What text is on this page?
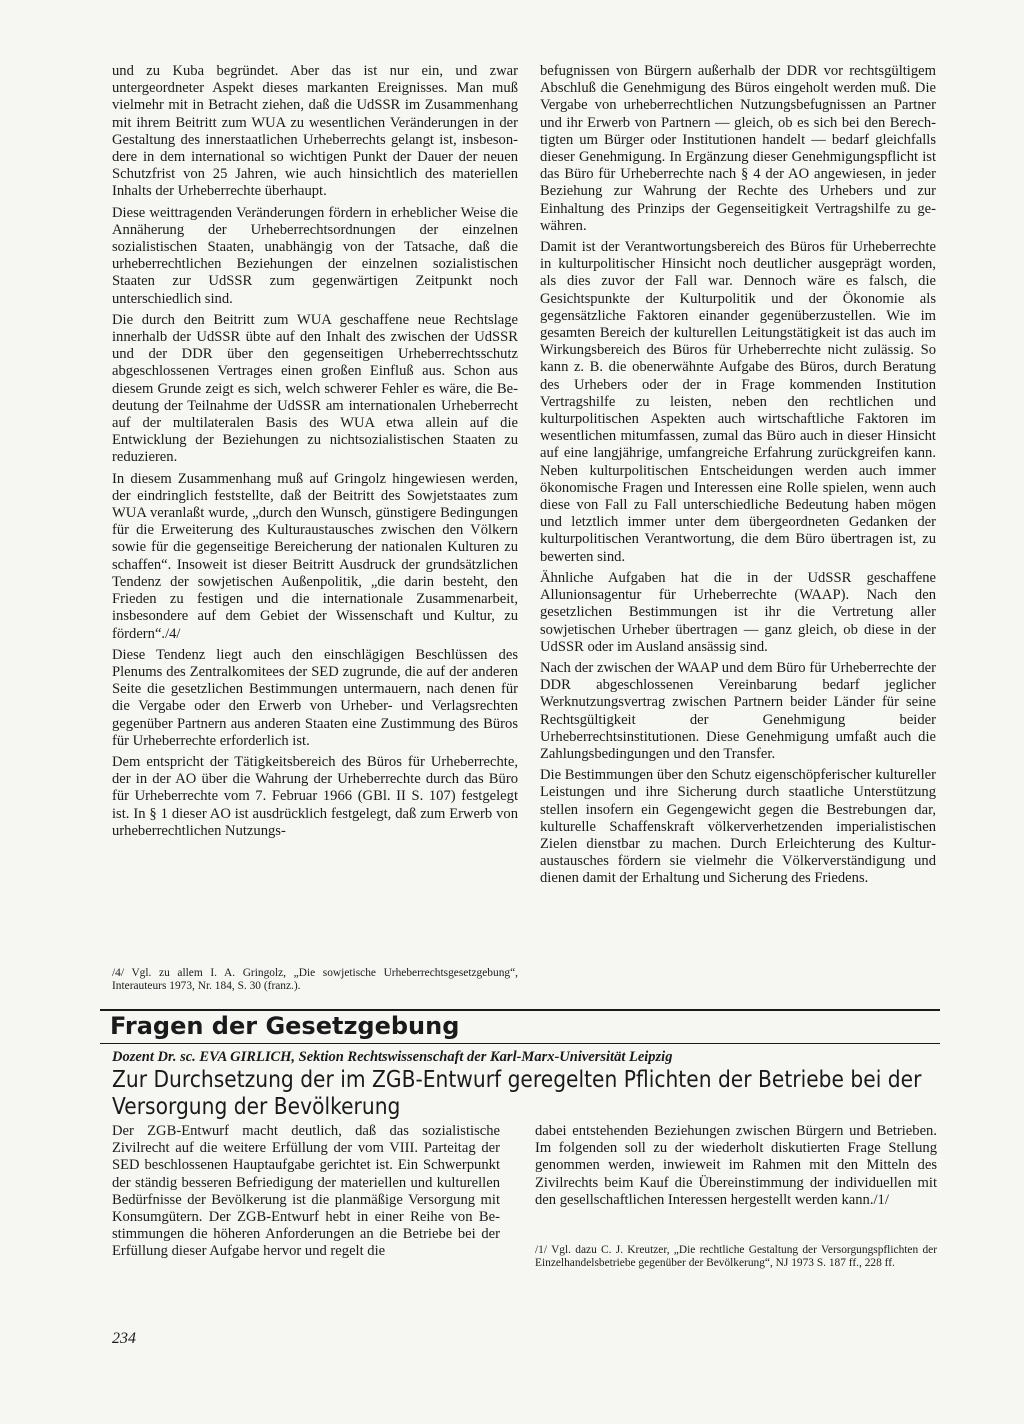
und zu Kuba begründet. Aber das ist nur ein, und zwar untergeordneter Aspekt dieses markanten Ereignisses. Man muß vielmehr mit in Betracht ziehen, daß die UdSSR im Zusammenhang mit ihrem Beitritt zum WUA zu wesentlichen Veränderungen in der Gestaltung des innerstaatlichen Urheberrechts gelangt ist, insbesondere in dem international so wichtigen Punkt der Dauer der neuen Schutzfrist von 25 Jahren, wie auch hinsichtlich des materiellen Inhalts der Urheberrechte überhaupt.

Diese weittragenden Veränderungen fördern in erheblicher Weise die Annäherung der Urheberrechtsordnungen der einzelnen sozialistischen Staaten, unabhängig von der Tatsache, daß die urheberrechtlichen Beziehungen der einzelnen sozialistischen Staaten zur UdSSR zum gegenwärtigen Zeitpunkt noch unterschiedlich sind.

Die durch den Beitritt zum WUA geschaffene neue Rechtslage innerhalb der UdSSR übte auf den Inhalt des zwischen der UdSSR und der DDR über den gegenseitigen Urheberrechtsschutz abgeschlossenen Vertrages einen großen Einfluß aus. Schon aus diesem Grunde zeigt es sich, welch schwerer Fehler es wäre, die Bedeutung der Teilnahme der UdSSR am internationalen Urheberrecht auf der multilateralen Basis des WUA etwa allein auf die Entwicklung der Beziehungen zu nichtsozialistischen Staaten zu reduzieren.

In diesem Zusammenhang muß auf Gringolz hingewiesen werden, der eindringlich feststellte, daß der Beitritt des Sowjetstaates zum WUA veranlaßt wurde, „durch den Wunsch, günstigere Bedingungen für die Erweiterung des Kulturaustausches zwischen den Völkern sowie für die gegenseitige Bereicherung der nationalen Kulturen zu schaffen“. Insoweit ist dieser Beitritt Ausdruck der grundsätzlichen Tendenz der sowjetischen Außenpolitik, „die darin besteht, den Frieden zu festigen und die internationale Zusammenarbeit, insbesondere auf dem Gebiet der Wissenschaft und Kultur, zu fördern“./4/

Diese Tendenz liegt auch den einschlägigen Beschlüssen des Plenums des Zentralkomitees der SED zugrunde, die auf der anderen Seite die gesetzlichen Bestimmungen untermauern, nach denen für die Vergabe oder den Erwerb von Urheber- und Verlagsrechten gegenüber Partnern aus anderen Staaten eine Zustimmung des Büros für Urheberrechte erforderlich ist.

Dem entspricht der Tätigkeitsbereich des Büros für Urheberrechte, der in der AO über die Wahrung der Urheberrechte durch das Büro für Urheberrechte vom 7. Februar 1966 (GBl. II S. 107) festgelegt ist. In § 1 dieser AO ist ausdrücklich festgelegt, daß zum Erwerb von urheberrechtlichen Nutzungs-

/4/ Vgl. zu allem I. A. Gringolz, „Die sowjetische Urheberrechtsgesetzgebung“, Interauteurs 1973, Nr. 184, S. 30 (franz.).

befugnissen von Bürgern außerhalb der DDR vor rechtsgültigem Abschluß die Genehmigung des Büros eingeholt werden muß. Die Vergabe von urheberrechtlichen Nutzungsbefugnissen an Partner und ihr Erwerb von Partnern — gleich, ob es sich bei den Berechtigten um Bürger oder Institutionen handelt — bedarf gleichfalls dieser Genehmigung. In Ergänzung dieser Genehmigungspflicht ist das Büro für Urheberrechte nach § 4 der AO angewiesen, in jeder Beziehung zur Wahrung der Rechte des Urhebers und zur Einhaltung des Prinzips der Gegenseitigkeit Vertragshilfe zu gewähren.

Damit ist der Verantwortungsbereich des Büros für Urheberrechte in kulturpolitischer Hinsicht noch deutlicher ausgeprägt worden, als dies zuvor der Fall war. Dennoch wäre es falsch, die Gesichtspunkte der Kulturpolitik und der Ökonomie als gegensätzliche Faktoren einander gegenüberzustellen. Wie im gesamten Bereich der kulturellen Leitungstätigkeit ist das auch im Wirkungsbereich des Büros für Urheberrechte nicht zulässig. So kann z. B. die obenerwähnte Aufgabe des Büros, durch Beratung des Urhebers oder der in Frage kommenden Institution Vertragshilfe zu leisten, neben den rechtlichen und kulturpolitischen Aspekten auch wirtschaftliche Faktoren im wesentlichen mitumfassen, zumal das Büro auch in dieser Hinsicht auf eine langjährige, umfangreiche Erfahrung zurückgreifen kann. Neben kulturpolitischen Entscheidungen werden auch immer ökonomische Fragen und Interessen eine Rolle spielen, wenn auch diese von Fall zu Fall unterschiedliche Bedeutung haben mögen und letztlich immer unter dem übergeordneten Gedanken der kulturpolitischen Verantwortung, die dem Büro übertragen ist, zu bewerten sind.

Ähnliche Aufgaben hat die in der UdSSR geschaffene Allunionsagentur für Urheberrechte (WAAP). Nach den gesetzlichen Bestimmungen ist ihr die Vertretung aller sowjetischen Urheber übertragen — ganz gleich, ob diese in der UdSSR oder im Ausland ansässig sind.

Nach der zwischen der WAAP und dem Büro für Urheberrechte der DDR abgeschlossenen Vereinbarung bedarf jeglicher Werknutzungsvertrag zwischen Partnern beider Länder für seine Rechtsgültigkeit der Genehmigung beider Urheberrechtsinstitutionen. Diese Genehmigung umfaßt auch die Zahlungsbedingungen und den Transfer.

Die Bestimmungen über den Schutz eigenschöpferischer kultureller Leistungen und ihre Sicherung durch staatliche Unterstützung stellen insofern ein Gegengewicht gegen die Bestrebungen dar, kulturelle Schaffenskraft völkerverhetzenden imperialistischen Zielen dienstbar zu machen. Durch Erleichterung des Kulturaustausches fördern sie vielmehr die Völkerverständigung und dienen damit der Erhaltung und Sicherung des Friedens.

Fragen der Gesetzgebung
Dozent Dr. sc. EVA GIRLICH, Sektion Rechtswissenschaft der Karl-Marx-Universität Leipzig
Zur Durchsetzung der im ZGB-Entwurf geregelten Pflichten der Betriebe bei der Versorgung der Bevölkerung

Der ZGB-Entwurf macht deutlich, daß das sozialistische Zivilrecht auf die weitere Erfüllung der vom VIII. Parteitag der SED beschlossenen Hauptaufgabe gerichtet ist. Ein Schwerpunkt der ständig besseren Befriedigung der materiellen und kulturellen Bedürfnisse der Bevölkerung ist die planmäßige Versorgung mit Konsumgütern. Der ZGB-Entwurf hebt in einer Reihe von Bestimmungen die höheren Anforderungen an die Betriebe bei der Erfüllung dieser Aufgabe hervor und regelt die

dabei entstehenden Beziehungen zwischen Bürgern und Betrieben. Im folgenden soll zu der wiederholt diskutierten Frage Stellung genommen werden, inwieweit im Rahmen mit den Mitteln des Zivilrechts beim Kauf die Übereinstimmung der individuellen mit den gesellschaftlichen Interessen hergestellt werden kann./1/

/1/ Vgl. dazu C. J. Kreutzer, „Die rechtliche Gestaltung der Versorgungspflichten der Einzelhandelsbetriebe gegenüber der Bevölkerung“, NJ 1973 S. 187 ff., 228 ff.
234
